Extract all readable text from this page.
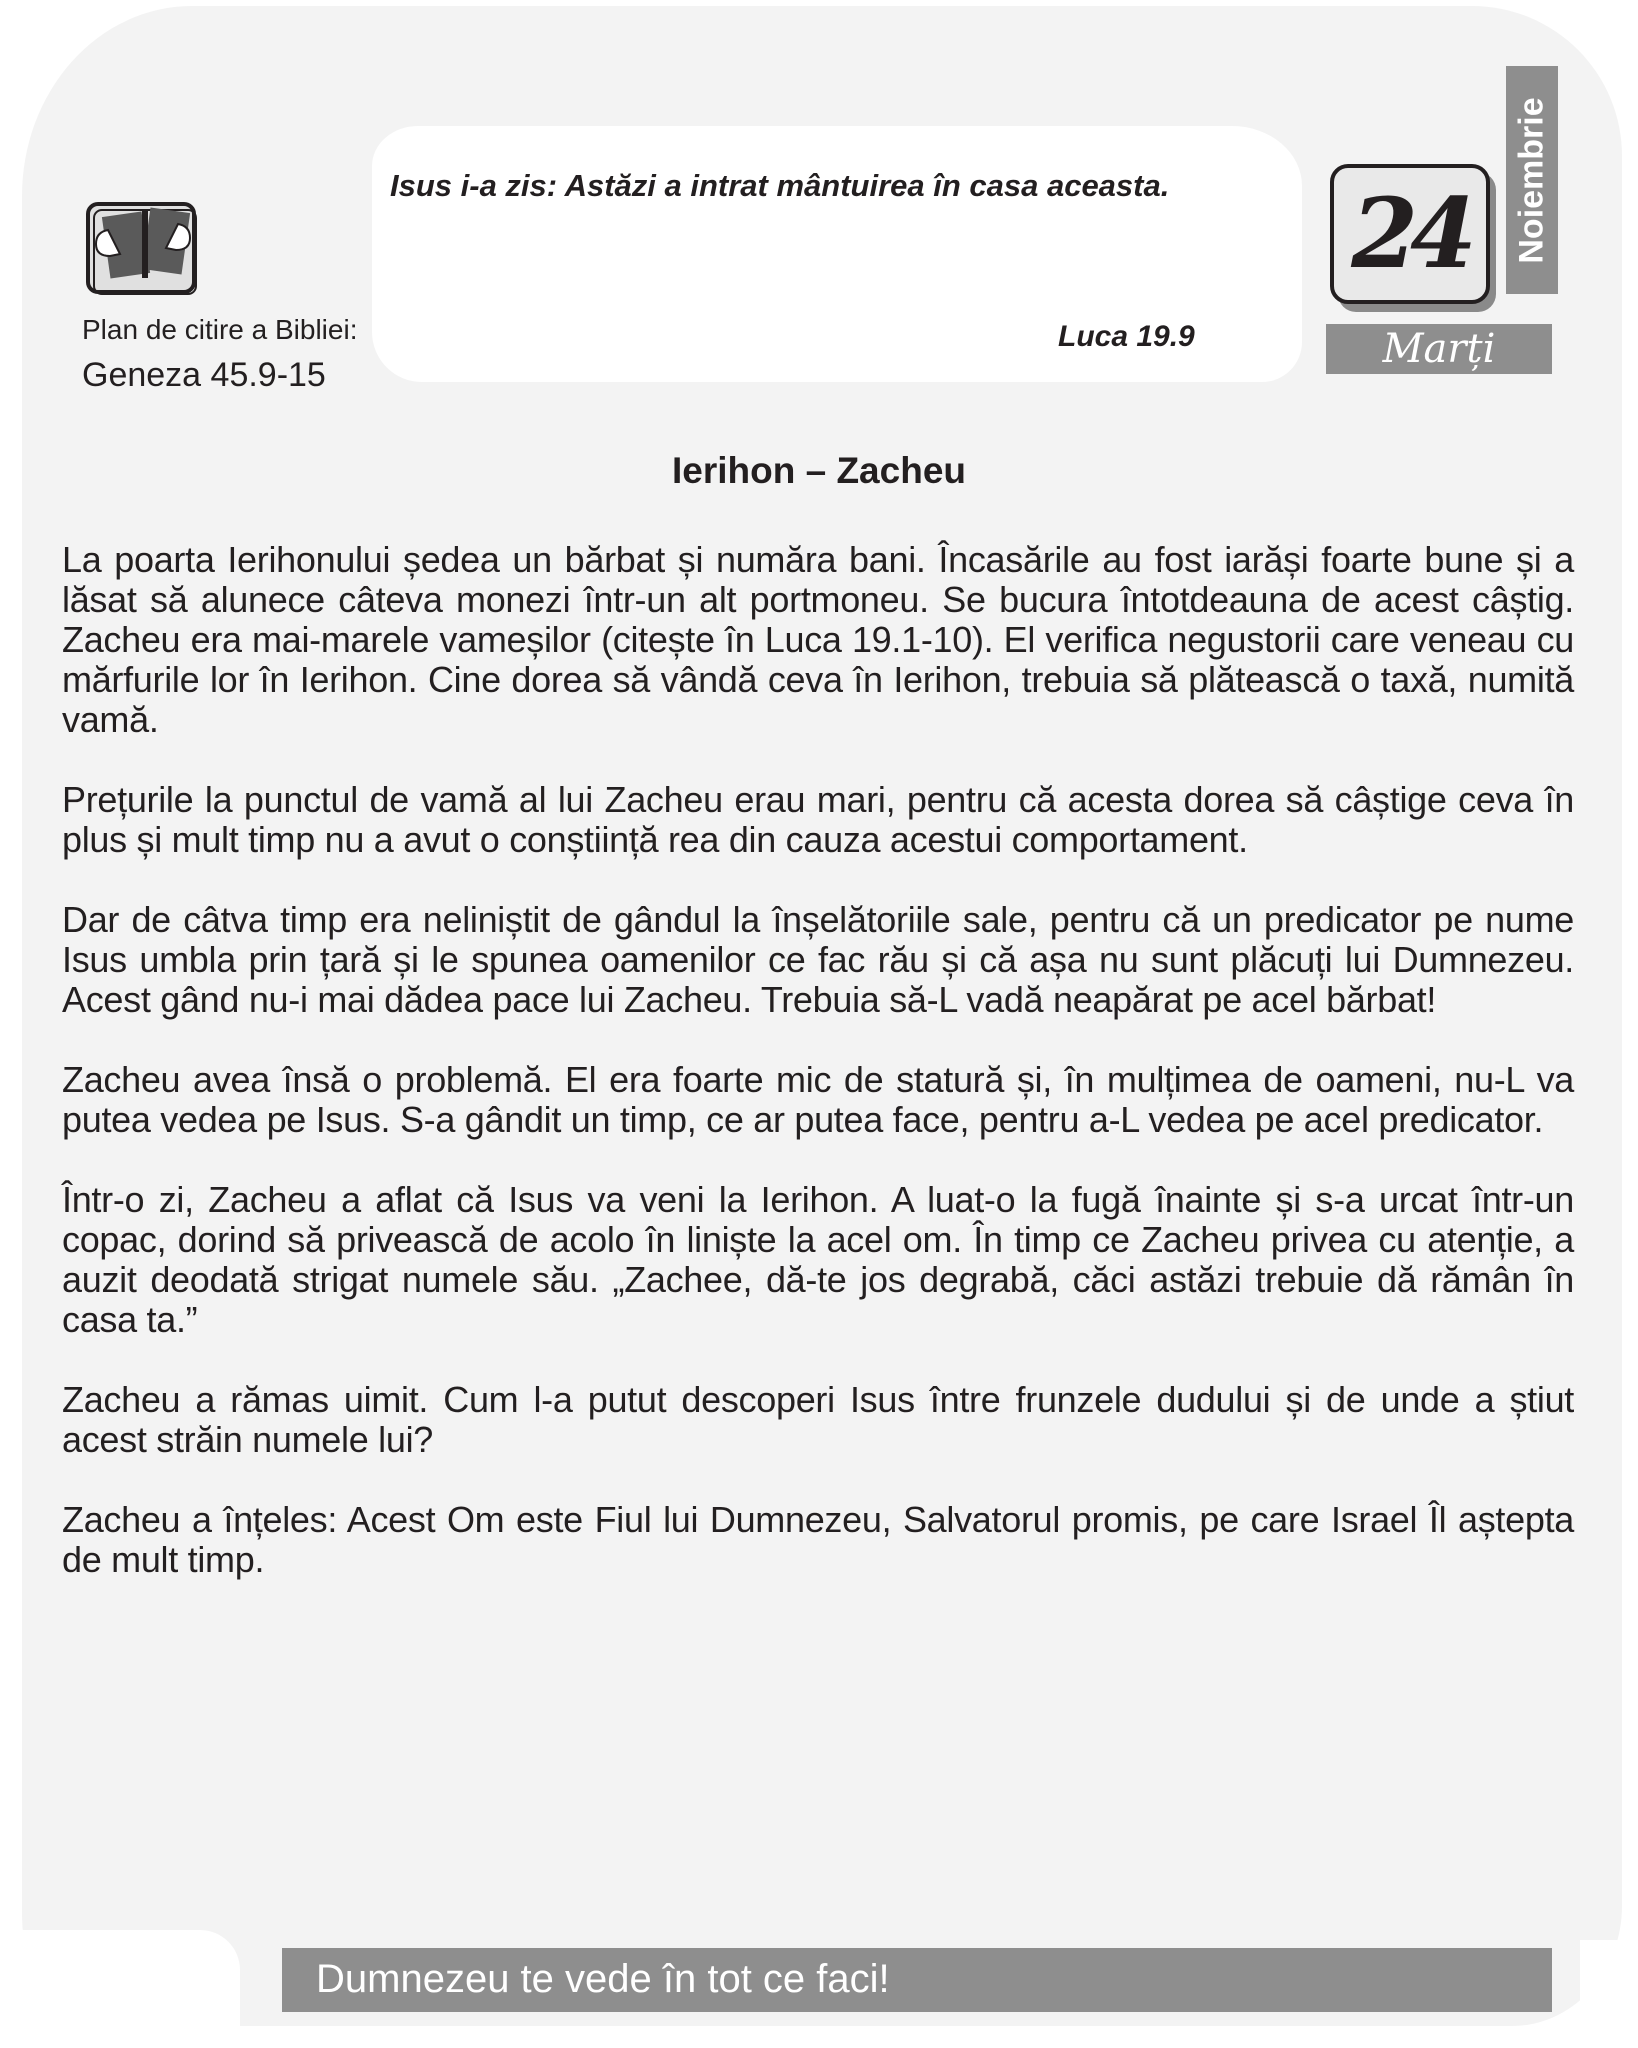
Plan de citire a Bibliei:
Geneza 45.9-15
Isus i-a zis: Astăzi a intrat mântuirea în casa aceasta.
Luca 19.9
Noiembrie
24
Marți
Ierihon – Zacheu

La poarta Ierihonului ședea un bărbat și număra bani. Încasările au fost iarăși foarte bune și a lăsat să alunece câteva monezi într-un alt portmoneu. Se bucura întotdeauna de acest câștig. Zacheu era mai-marele vameșilor (citește în Luca 19.1-10). El verifica negustorii care veneau cu mărfurile lor în Ierihon. Cine dorea să vândă ceva în Ierihon, trebuia să plătească o taxă, numită vamă.

Prețurile la punctul de vamă al lui Zacheu erau mari, pentru că acesta dorea să câștige ceva în plus și mult timp nu a avut o conștiință rea din cauza acestui comportament.

Dar de câtva timp era neliniștit de gândul la înșelătoriile sale, pentru că un predicator pe nume Isus umbla prin țară și le spunea oamenilor ce fac rău și că așa nu sunt plăcuți lui Dumnezeu. Acest gând nu-i mai dădea pace lui Zacheu. Trebuia să-L vadă neapărat pe acel bărbat!

Zacheu avea însă o problemă. El era foarte mic de statură și, în mulțimea de oameni, nu-L va putea vedea pe Isus. S-a gândit un timp, ce ar putea face, pentru a-L vedea pe acel predicator.

Într-o zi, Zacheu a aflat că Isus va veni la Ierihon. A luat-o la fugă înainte și s-a urcat într-un copac, dorind să privească de acolo în liniște la acel om. În timp ce Zacheu privea cu atenție, a auzit deodată strigat numele său. „Zachee, dă-te jos degrabă, căci astăzi trebuie dă rămân în casa ta.”

Zacheu a rămas uimit. Cum l-a putut descoperi Isus între frunzele dudului și de unde a știut acest străin numele lui?

Zacheu a înțeles: Acest Om este Fiul lui Dumnezeu, Salvatorul promis, pe care Israel Îl aștepta de mult timp.

Dumnezeu te vede în tot ce faci!
